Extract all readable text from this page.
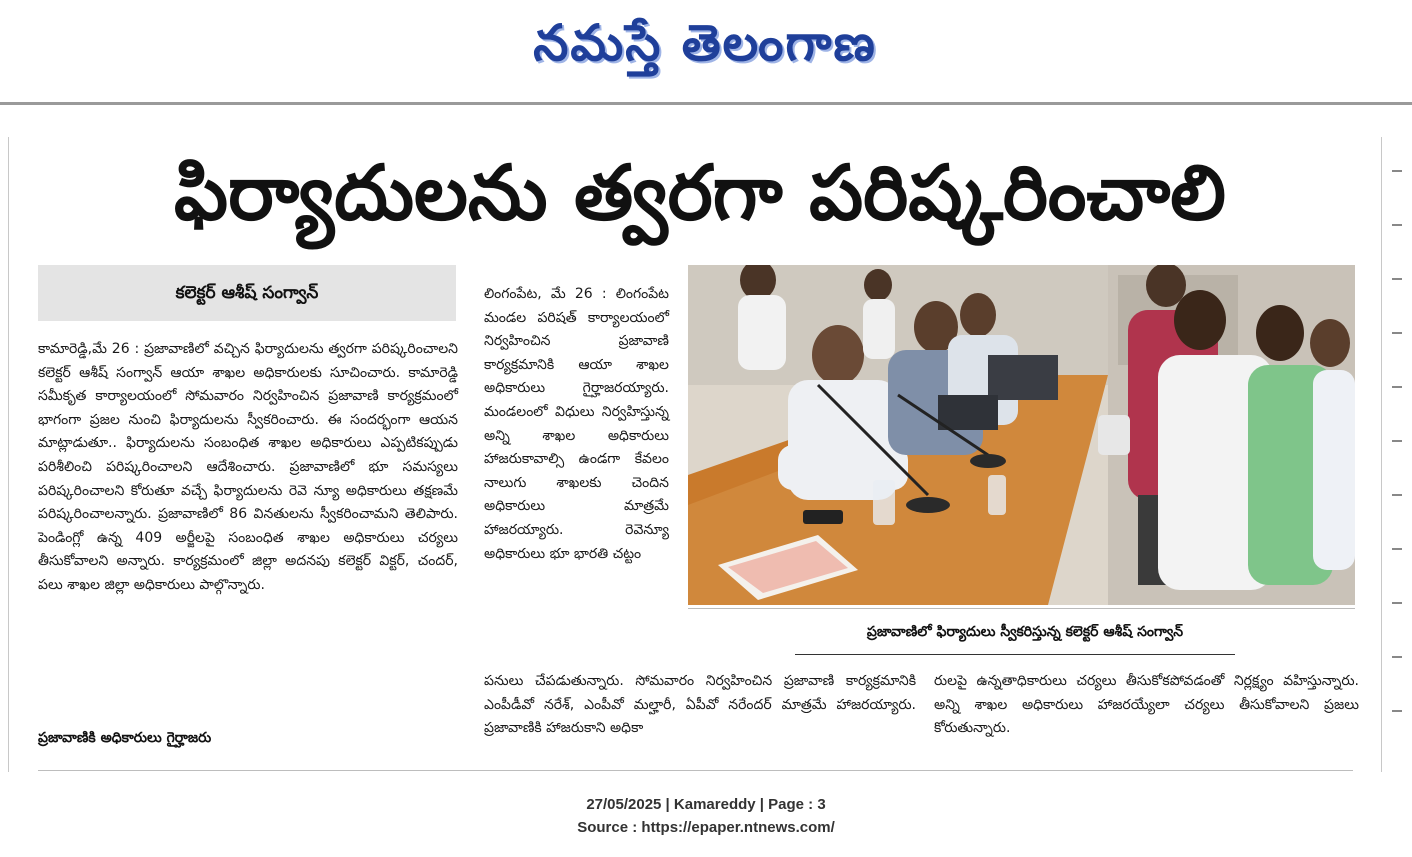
నమస్తే తెలంగాణ
ఫిర్యాదులను త్వరగా పరిష్కరించాలి
కలెక్టర్ ఆశీష్ సంగ్వాన్
కామారెడ్డి,మే 26 : ప్రజావాణిలో వచ్చిన ఫిర్యాదులను త్వరగా పరిష్కరించాలని కలెక్టర్ ఆశీష్ సంగ్వాన్ ఆయా శాఖల అధికారులకు సూచించారు. కామారెడ్డి సమీకృత కార్యాలయంలో సోమవారం నిర్వహించిన ప్రజావాణి కార్యక్రమంలో భాగంగా ప్రజల నుంచి ఫిర్యాదులను స్వీకరించారు. ఈ సందర్భంగా ఆయన మాట్లాడుతూ.. ఫిర్యాదులను సంబంధిత శాఖల అధికారులు ఎప్పటికప్పుడు పరిశీలించి పరిష్కరించాలని ఆదేశించారు. ప్రజావాణిలో భూ సమస్యలు పరిష్కరించాలని కోరుతూ వచ్చే ఫిర్యాదులను రెవె న్యూ అధికారులు తక్షణమే పరిష్కరించాలన్నారు. ప్రజావాణిలో 86 వినతులను స్వీకరించామని తెలిపారు. పెండింగ్లో ఉన్న 409 అర్జీలపై సంబంధిత శాఖల అధికారులు చర్యలు తీసుకోవాలని అన్నారు. కార్యక్రమంలో జిల్లా అదనపు కలెక్టర్ విక్టర్, చందర్, పలు శాఖల జిల్లా అధికారులు పాల్గొన్నారు.
ప్రజావాణికి అధికారులు గైర్హాజరు
లింగంపేట, మే 26 : లింగంపేట మండల పరిషత్ కార్యాలయంలో నిర్వహించిన ప్రజావాణి కార్యక్రమానికి ఆయా శాఖల అధికారులు గైర్హాజరయ్యారు. మండలంలో విధులు నిర్వహిస్తున్న అన్ని శాఖల అధికారులు హాజరుకావాల్సి ఉండగా కేవలం నాలుగు శాఖలకు చెందిన అధికారులు మాత్రమే హాజరయ్యారు. రెవెన్యూ అధికారులు భూ భారతి చట్టం
పనులు చేపడుతున్నారు. సోమవారం నిర్వహించిన ప్రజావాణి కార్యక్రమానికి ఎంపీడీవో నరేశ్, ఎంపీవో మల్హారీ, ఏపీవో నరేందర్ మాత్రమే హాజరయ్యారు. ప్రజావాణికి హాజరుకాని అధికా
రులపై ఉన్నతాధికారులు చర్యలు తీసుకోకపోవడంతో నిర్లక్ష్యం వహిస్తున్నారు. అన్ని శాఖల అధికారులు హాజరయ్యేలా చర్యలు తీసుకోవాలని ప్రజలు కోరుతున్నారు.
ప్రజావాణిలో ఫిర్యాదులు స్వీకరిస్తున్న కలెక్టర్ ఆశీష్ సంగ్వాన్
27/05/2025 | Kamareddy | Page : 3
Source : https://epaper.ntnews.com/
